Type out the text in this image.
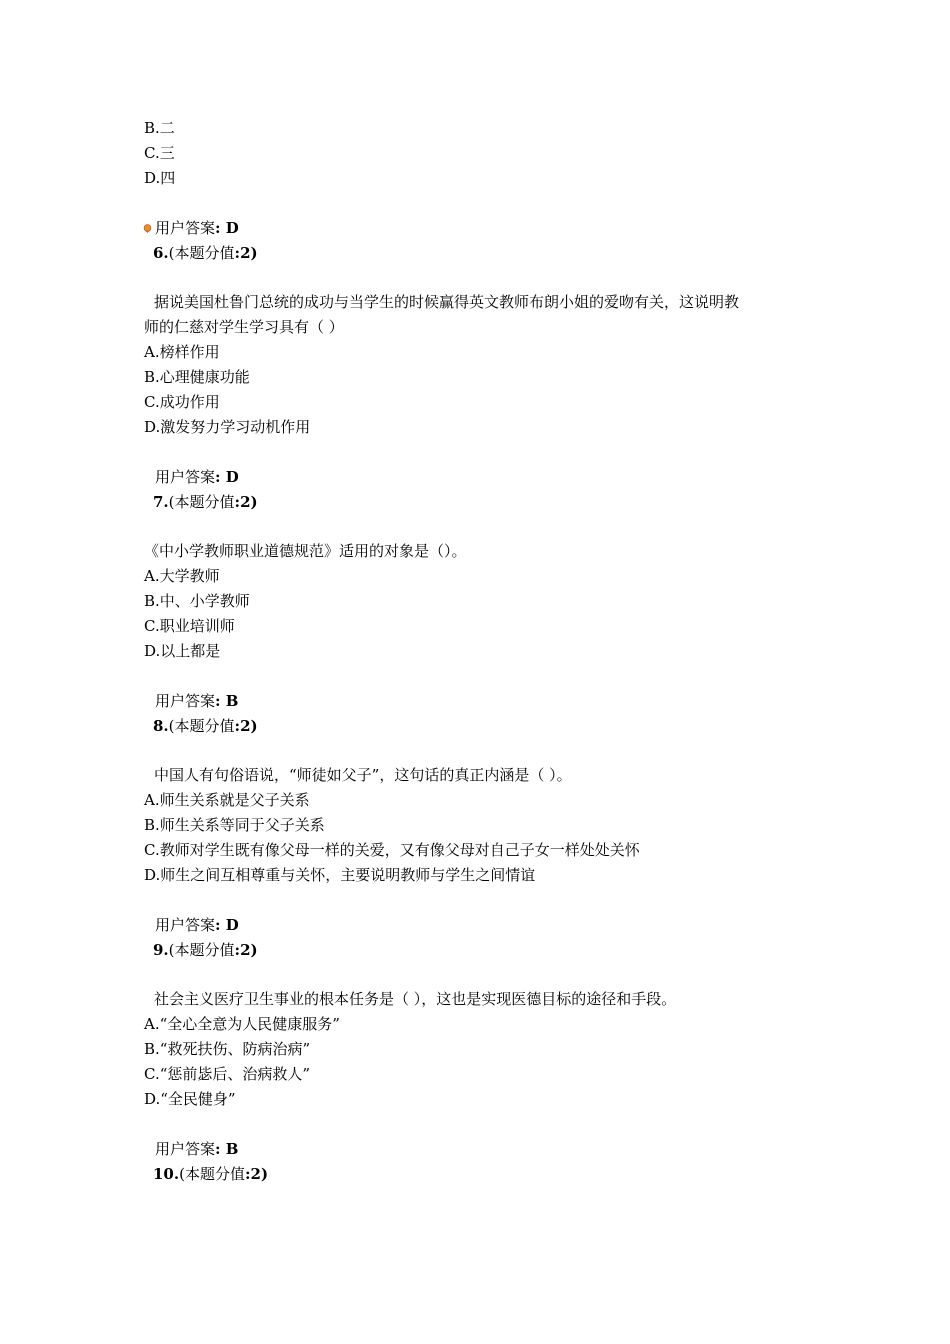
B.二
C.三
D.四
用户答案: D
6.(本题分值:2)
据说美国杜鲁门总统的成功与当学生的时候赢得英文教师布朗小姐的爱吻有关，这说明教
师的仁慈对学生学习具有（ ）
A.榜样作用
B.心理健康功能
C.成功作用
D.激发努力学习动机作用
用户答案: D
7.(本题分值:2)
《中小学教师职业道德规范》适用的对象是（）。
A.大学教师
B.中、小学教师
C.职业培训师
D.以上都是
用户答案: B
8.(本题分值:2)
中国人有句俗语说，“师徒如父子”，这句话的真正内涵是（ ）。
A.师生关系就是父子关系
B.师生关系等同于父子关系
C.教师对学生既有像父母一样的关爱，又有像父母对自己子女一样处处关怀
D.师生之间互相尊重与关怀，主要说明教师与学生之间情谊
用户答案: D
9.(本题分值:2)
社会主义医疗卫生事业的根本任务是（ ），这也是实现医德目标的途径和手段。
A.“全心全意为人民健康服务”
B.“救死扶伤、防病治病”
C.“惩前毖后、治病救人”
D.“全民健身”
用户答案: B
10.(本题分值:2)
